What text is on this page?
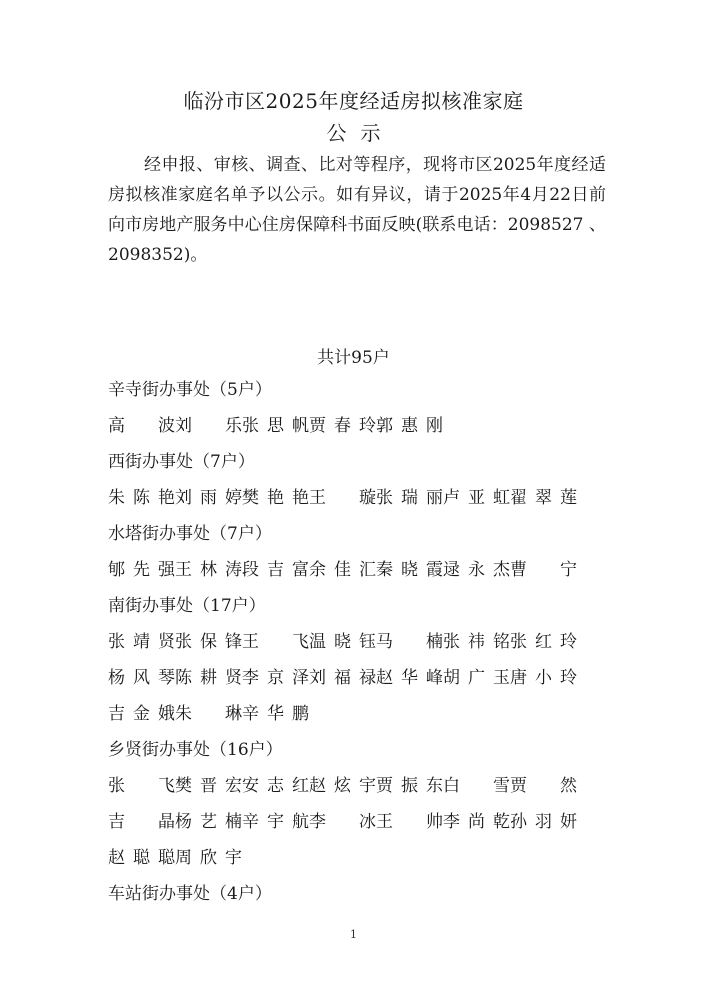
临汾市区2025年度经适房拟核准家庭
公示
经申报、审核、调查、比对等程序，现将市区2025年度经适房拟核准家庭名单予以公示。如有异议，请于2025年4月22日前向市房地产服务中心住房保障科书面反映(联系电话：2098527 、2098352)。
共计95户
辛寺街办事处（5户）
高　波刘　乐张思帆贾春玲郭惠刚
西街办事处（7户）
朱陈艳刘雨婷樊艳艳王　璇张瑞丽卢亚虹翟翠莲
水塔街办事处（7户）
郇先强王林涛段吉富余佳汇秦晓霞逯永杰曹　宁
南街办事处（17户）
张靖贤张保锋王　飞温晓钰马　楠张祎铭张红玲
杨风琴陈耕贤李京泽刘福禄赵华峰胡广玉唐小玲
吉金娥朱　琳辛华鹏
乡贤街办事处（16户）
张　飞樊晋宏安志红赵炫宇贾振东白　雪贾　然
吉　晶杨艺楠辛宇航李　冰王　帅李尚乾孙羽妍
赵聪聪周欣宇
车站街办事处（4户）
1
